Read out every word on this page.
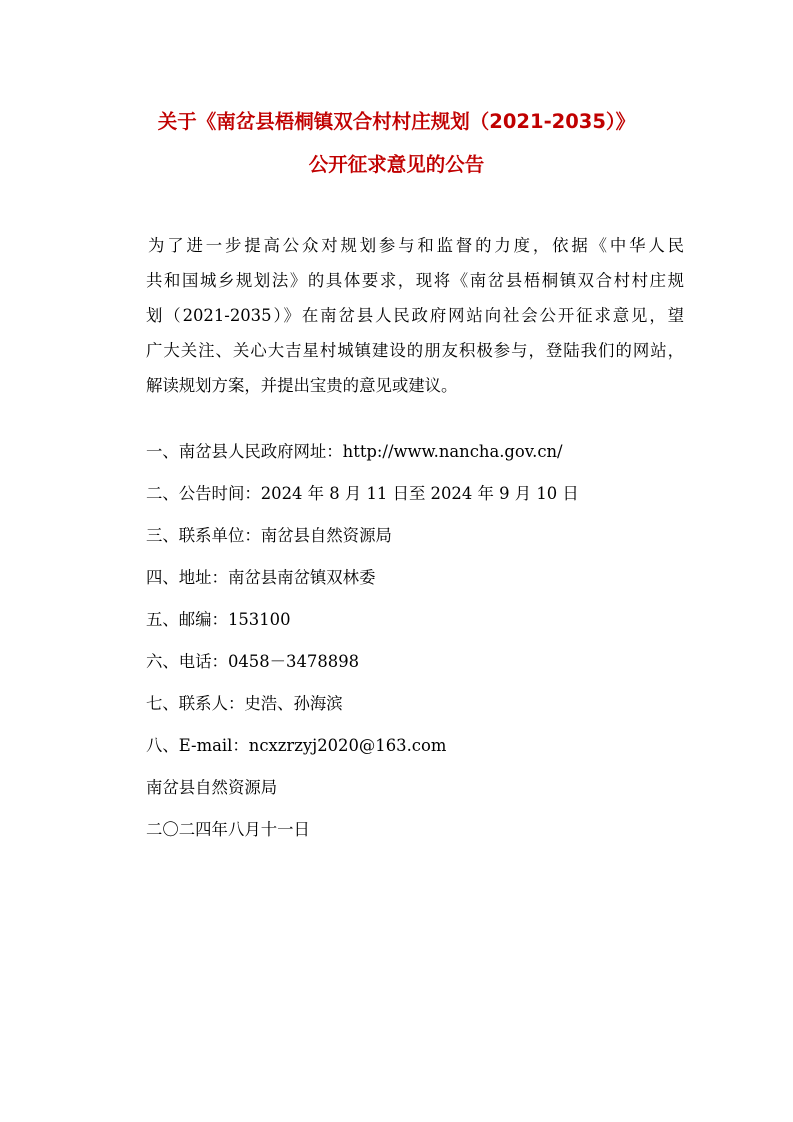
关于《南岔县梧桐镇双合村村庄规划（2021-2035）》
公开征求意见的公告
为了进一步提高公众对规划参与和监督的力度，依据《中华人民
共和国城乡规划法》的具体要求，现将《南岔县梧桐镇双合村村庄规
划（2021-2035）》在南岔县人民政府网站向社会公开征求意见，望
广大关注、关心大吉星村城镇建设的朋友积极参与，登陆我们的网站，
解读规划方案，并提出宝贵的意见或建议。
一、南岔县人民政府网址：http://www.nancha.gov.cn/
二、公告时间：2024 年 8 月 11 日至 2024 年 9 月 10 日
三、联系单位：南岔县自然资源局
四、地址：南岔县南岔镇双林委
五、邮编：153100
六、电话：0458－3478898
七、联系人：史浩、孙海滨
八、E-mail：ncxzrzyj2020@163.com
南岔县自然资源局
二〇二四年八月十一日
